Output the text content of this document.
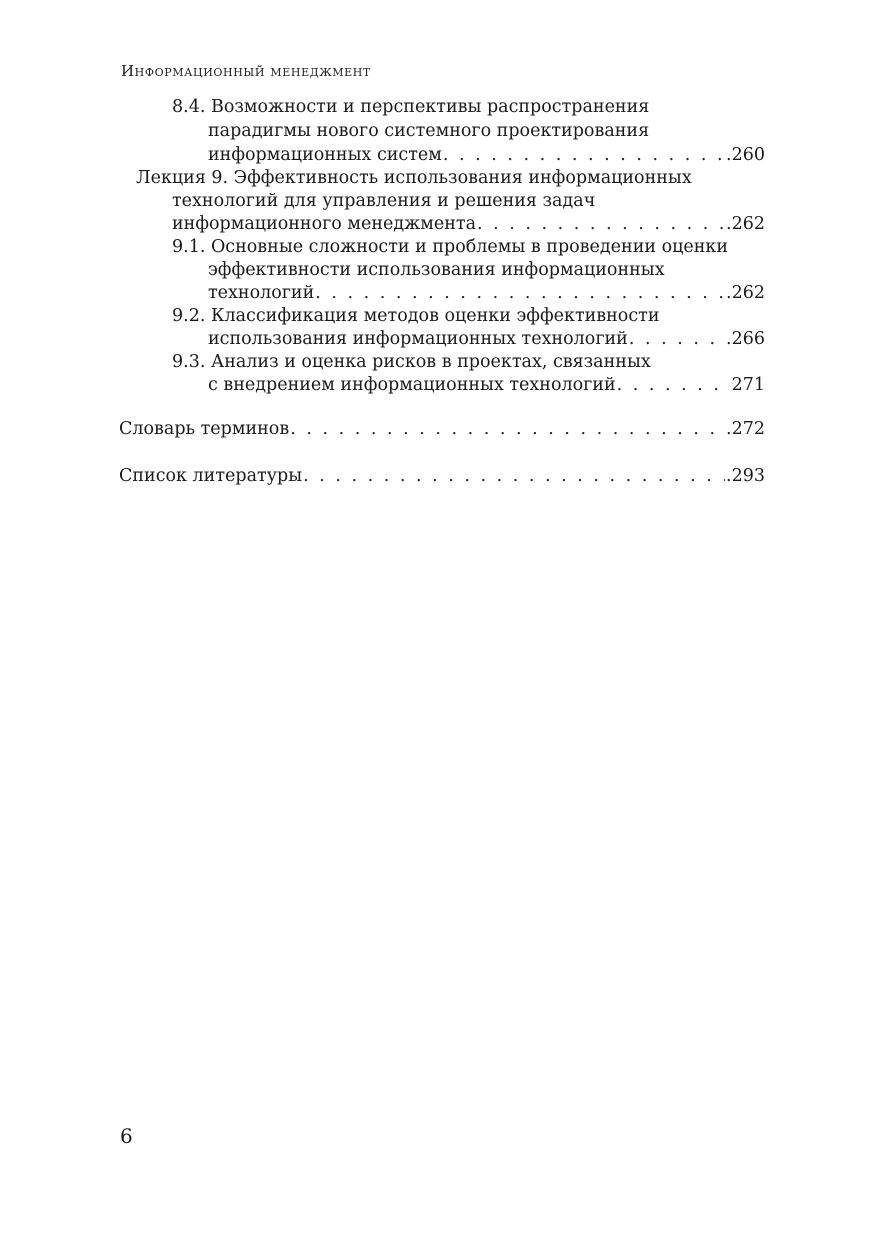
Информационный менеджмент
8.4. Возможности и перспективы распространения
парадигмы нового системного проектирования
информационных систем . . .	.260
Лекция 9. Эффективность использования информационных
технологий для управления и решения задач
информационного менеджмента . . .	.262
9.1. Основные сложности и проблемы в проведении оценки
эффективности использования информационных
технологий . . .	.262
9.2. Классификация методов оценки эффективности
использования информационных технологий . . .	.266
9.3. Анализ и оценка рисков в проектах, связанных
с внедрением информационных технологий . . .	271
Словарь терминов . . .	.272
Список литературы . . .	.293
6
